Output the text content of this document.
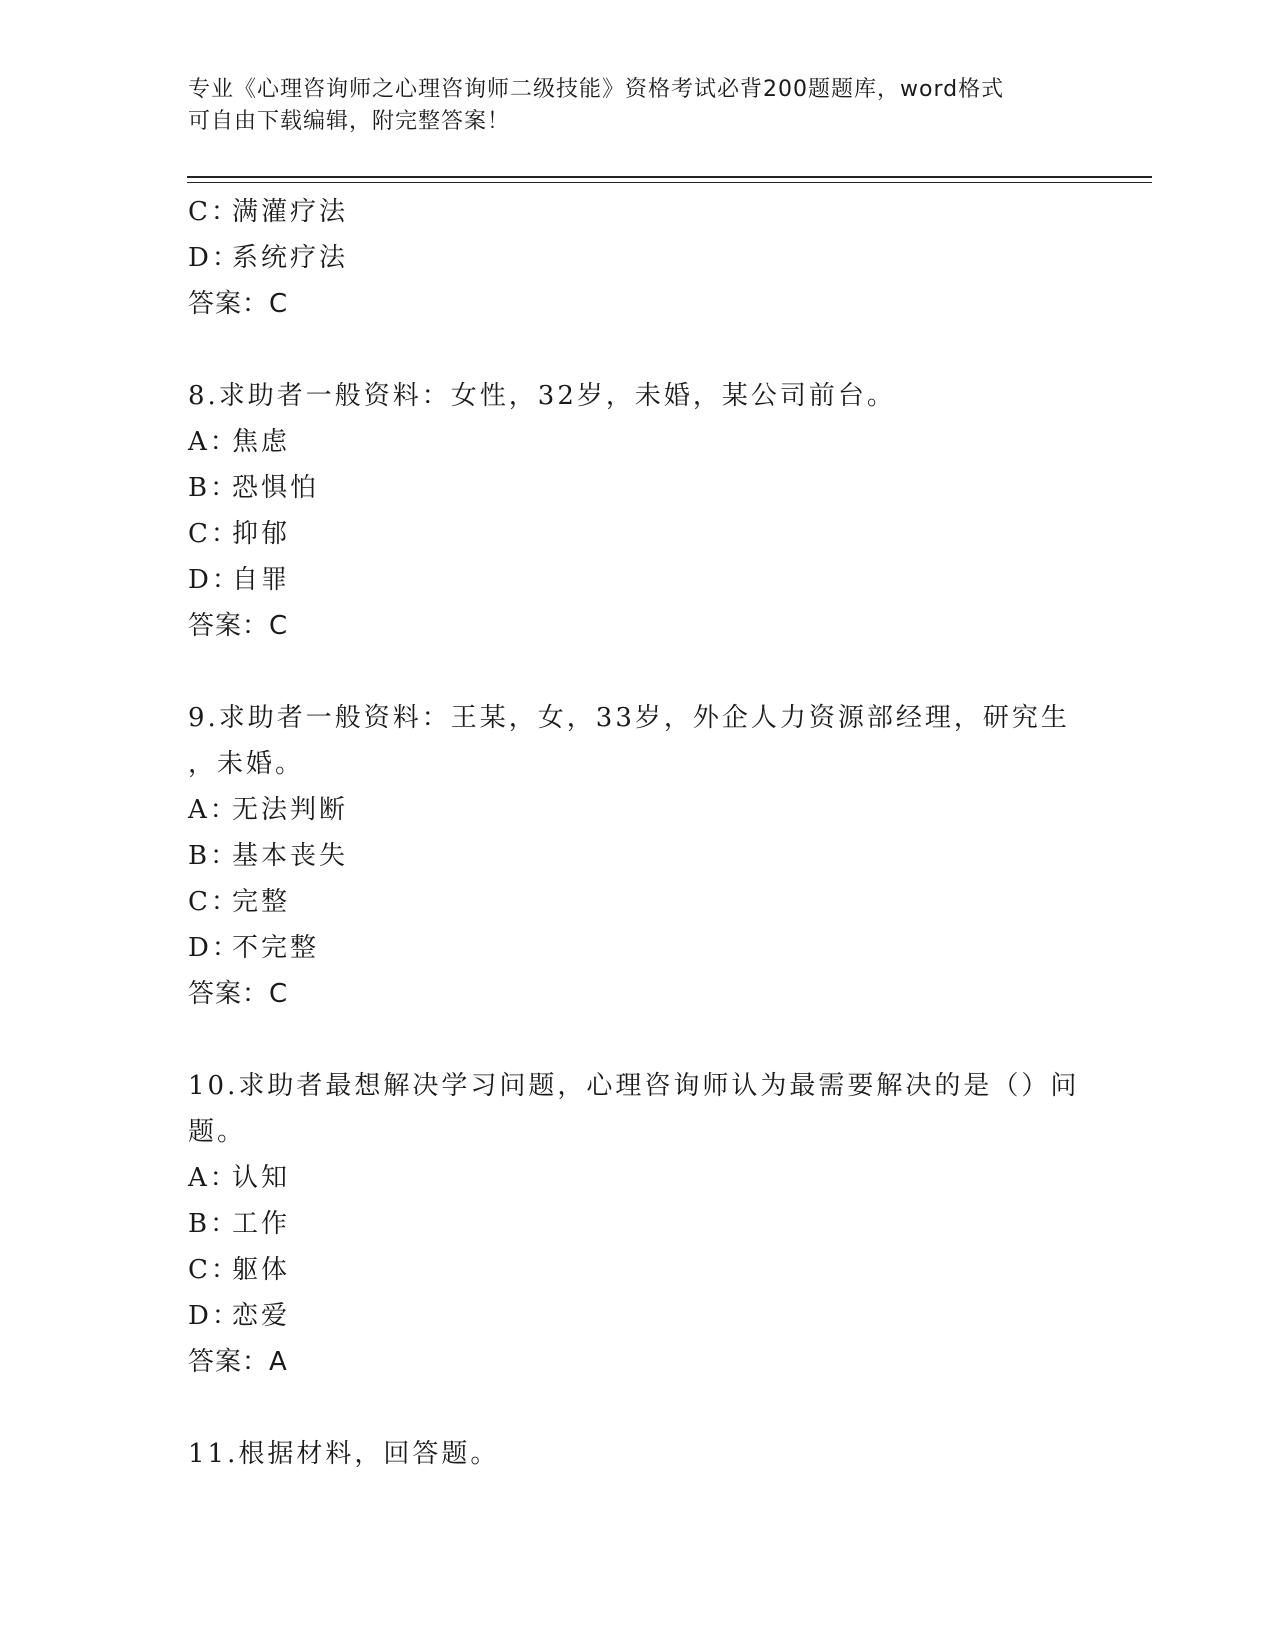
专业《心理咨询师之心理咨询师二级技能》资格考试必背200题题库，word格式
可自由下载编辑，附完整答案！
C：满灌疗法
D：系统疗法
答案：C
8.求助者一般资料：女性，32岁，未婚，某公司前台。
A：焦虑
B：恐惧怕
C：抑郁
D：自罪
答案：C
9.求助者一般资料：王某，女，33岁，外企人力资源部经理，研究生
，未婚。
A：无法判断
B：基本丧失
C：完整
D：不完整
答案：C
10.求助者最想解决学习问题，心理咨询师认为最需要解决的是（）问
题。
A：认知
B：工作
C：躯体
D：恋爱
答案：A
11.根据材料，回答题。
